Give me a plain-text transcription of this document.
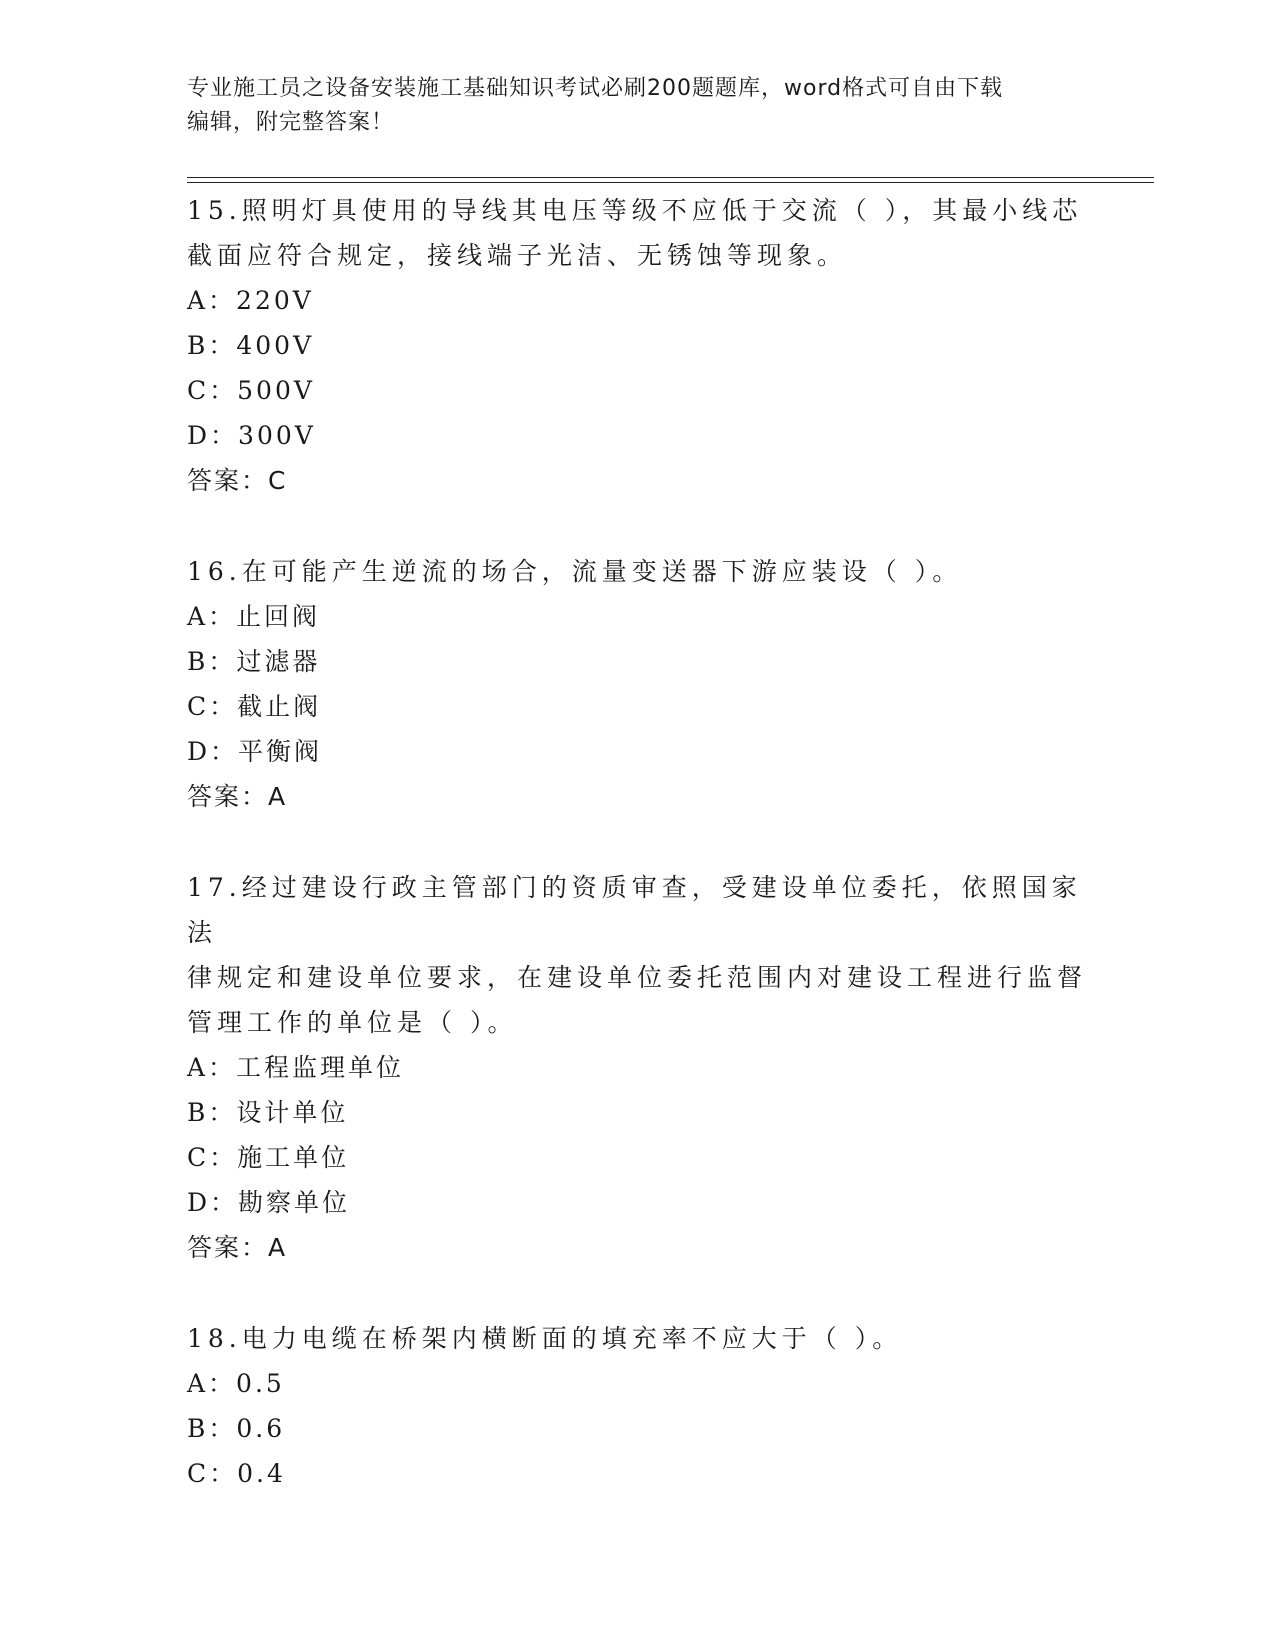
专业施工员之设备安装施工基础知识考试必刷200题题库，word格式可自由下载
编辑，附完整答案！
15.照明灯具使用的导线其电压等级不应低于交流（ ），其最小线芯
截面应符合规定，接线端子光洁、无锈蚀等现象。
A：220V
B：400V
C：500V
D：300V
答案：C
16.在可能产生逆流的场合，流量变送器下游应装设（ ）。
A：止回阀
B：过滤器
C：截止阀
D：平衡阀
答案：A
17.经过建设行政主管部门的资质审查，受建设单位委托，依照国家法
律规定和建设单位要求，在建设单位委托范围内对建设工程进行监督
管理工作的单位是（ ）。
A：工程监理单位
B：设计单位
C：施工单位
D：勘察单位
答案：A
18.电力电缆在桥架内横断面的填充率不应大于（ ）。
A：0.5
B：0.6
C：0.4
